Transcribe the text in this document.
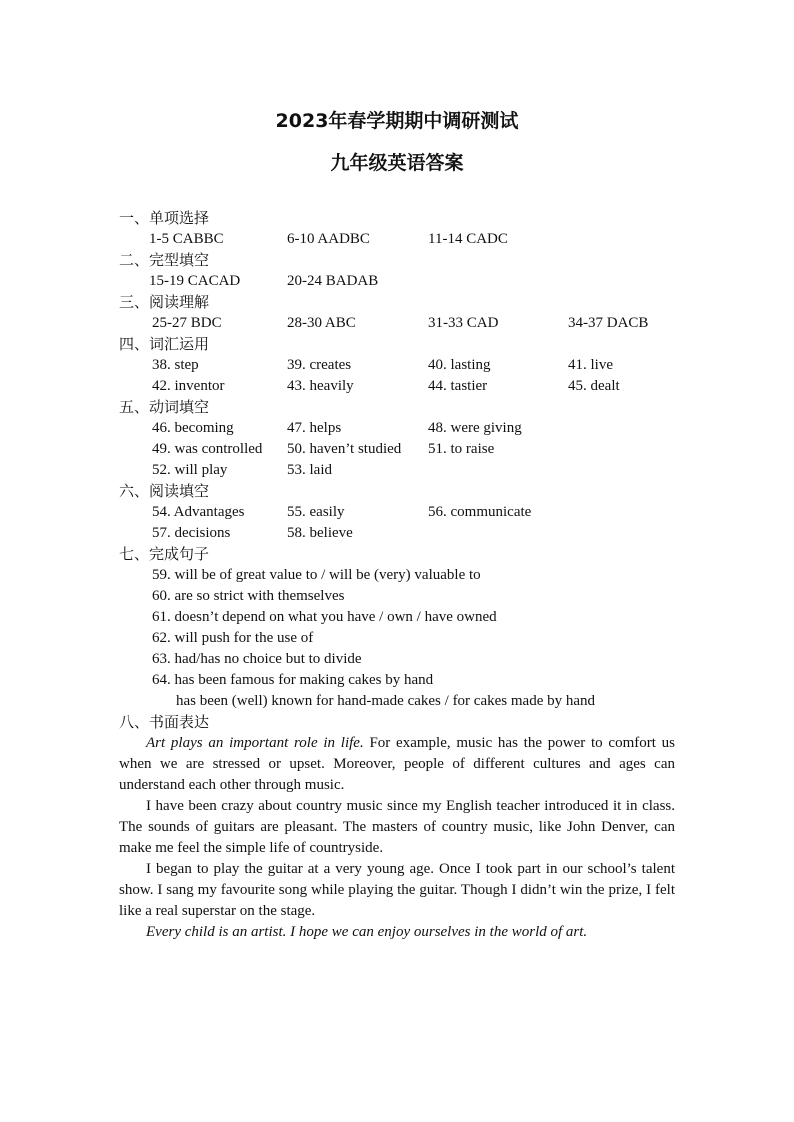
2023年春学期期中调研测试
九年级英语答案
一、单项选择
1-5 CABBC	6-10 AADBC	11-14 CADC
二、完型填空
15-19 CACAD	20-24 BADAB
三、阅读理解
25-27 BDC	28-30 ABC	31-33 CAD	34-37 DACB
四、词汇运用
38. step	39. creates	40. lasting	41. live
42. inventor	43. heavily	44. tastier	45. dealt
五、动词填空
46. becoming	47. helps	48. were giving
49. was controlled 50. haven’t studied 51. to raise
52. will play	53. laid
六、阅读填空
54. Advantages	55. easily	56. communicate
57. decisions	58. believe
七、完成句子
59. will be of great value to / will be (very) valuable to
60. are so strict with themselves
61. doesn’t depend on what you have / own / have owned
62. will push for the use of
63. had/has no choice but to divide
64. has been famous for making cakes by hand
has been (well) known for hand-made cakes / for cakes made by hand
八、书面表达

Art plays an important role in life. For example, music has the power to comfort us when we are stressed or upset. Moreover, people of different cultures and ages can understand each other through music.

I have been crazy about country music since my English teacher introduced it in class. The sounds of guitars are pleasant. The masters of country music, like John Denver, can make me feel the simple life of countryside.

I began to play the guitar at a very young age. Once I took part in our school’s talent show. I sang my favourite song while playing the guitar. Though I didn’t win the prize, I felt like a real superstar on the stage.

Every child is an artist. I hope we can enjoy ourselves in the world of art.
